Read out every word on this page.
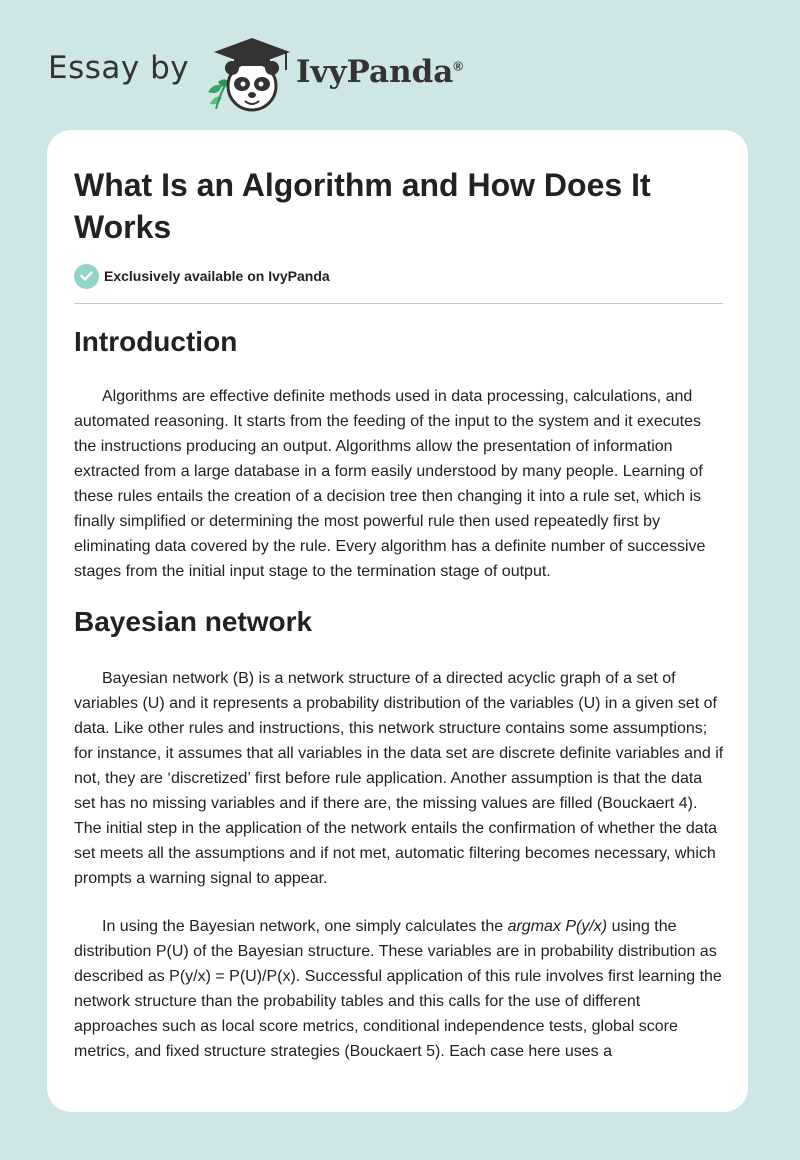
Essay by	IvyPanda®
What Is an Algorithm and How Does It Works
Exclusively available on IvyPanda
Introduction

Algorithms are effective definite methods used in data processing, calculations, and automated reasoning. It starts from the feeding of the input to the system and it executes the instructions producing an output. Algorithms allow the presentation of information extracted from a large database in a form easily understood by many people. Learning of these rules entails the creation of a decision tree then changing it into a rule set, which is finally simplified or determining the most powerful rule then used repeatedly first by eliminating data covered by the rule. Every algorithm has a definite number of successive stages from the initial input stage to the termination stage of output.

Bayesian network

Bayesian network (B) is a network structure of a directed acyclic graph of a set of variables (U) and it represents a probability distribution of the variables (U) in a given set of data. Like other rules and instructions, this network structure contains some assumptions; for instance, it assumes that all variables in the data set are discrete definite variables and if not, they are ‘discretized’ first before rule application. Another assumption is that the data set has no missing variables and if there are, the missing values are filled (Bouckaert 4). The initial step in the application of the network entails the confirmation of whether the data set meets all the assumptions and if not met, automatic filtering becomes necessary, which prompts a warning signal to appear.

In using the Bayesian network, one simply calculates the argmax P(y/x) using the distribution P(U) of the Bayesian structure. These variables are in probability distribution as described as P(y/x) = P(U)/P(x). Successful application of this rule involves first learning the network structure than the probability tables and this calls for the use of different approaches such as local score metrics, conditional independence tests, global score metrics, and fixed structure strategies (Bouckaert 5). Each case here uses a
